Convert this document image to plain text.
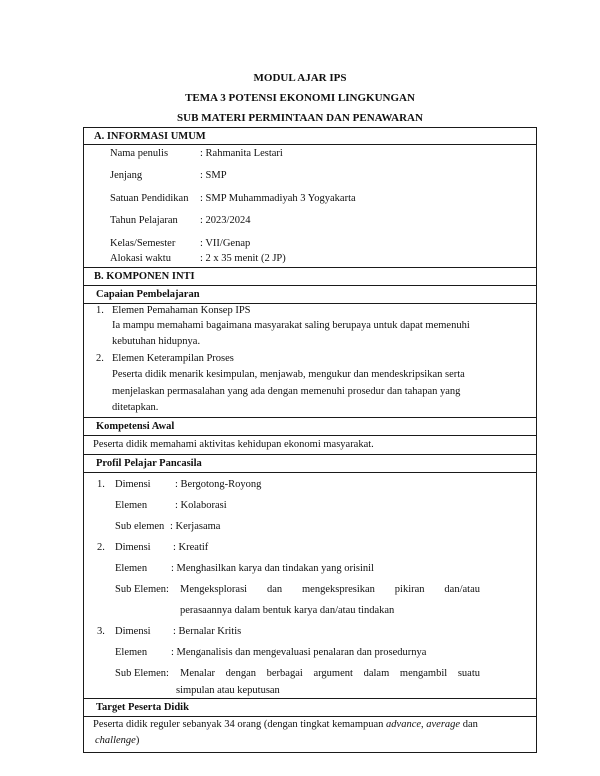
MODUL AJAR IPS
TEMA 3 POTENSI EKONOMI LINGKUNGAN
SUB MATERI PERMINTAAN DAN PENAWARAN
A. INFORMASI UMUM
Nama penulis	: Rahmanita Lestari
Jenjang	: SMP
Satuan Pendidikan : SMP Muhammadiyah 3 Yogyakarta
Tahun Pelajaran : 2023/2024
Kelas/Semester : VII/Genap
Alokasi waktu	: 2 x 35 menit (2 JP)
B. KOMPONEN INTI
Capaian Pembelajaran
1. Elemen Pemahaman Konsep IPS
Ia mampu memahami bagaimana masyarakat saling berupaya untuk dapat memenuhi
kebutuhan hidupnya.
2. Elemen Keterampilan Proses
Peserta didik menarik kesimpulan, menjawab, mengukur dan mendeskripsikan serta
menjelaskan permasalahan yang ada dengan memenuhi prosedur dan tahapan yang
ditetapkan.
Kompetensi Awal
Peserta didik memahami aktivitas kehidupan ekonomi masyarakat.
Profil Pelajar Pancasila
1. Dimensi : Bergotong-Royong
Elemen	: Kolaborasi
Sub elemen : Kerjasama
2. Dimensi : Kreatif
Elemen : Menghasilkan karya dan tindakan yang orisinil
Sub Elemen: Mengeksplorasi dan mengekspresikan pikiran dan/atau
perasaannya dalam bentuk karya dan/atau tindakan
3. Dimensi : Bernalar Kritis
Elemen : Menganalisis dan mengevaluasi penalaran dan prosedurnya
Sub Elemen: Menalar dengan berbagai argument dalam mengambil suatu
simpulan atau keputusan
Target Peserta Didik
Peserta didik reguler sebanyak 34 orang (dengan tingkat kemampuan advance, average dan
challenge)
